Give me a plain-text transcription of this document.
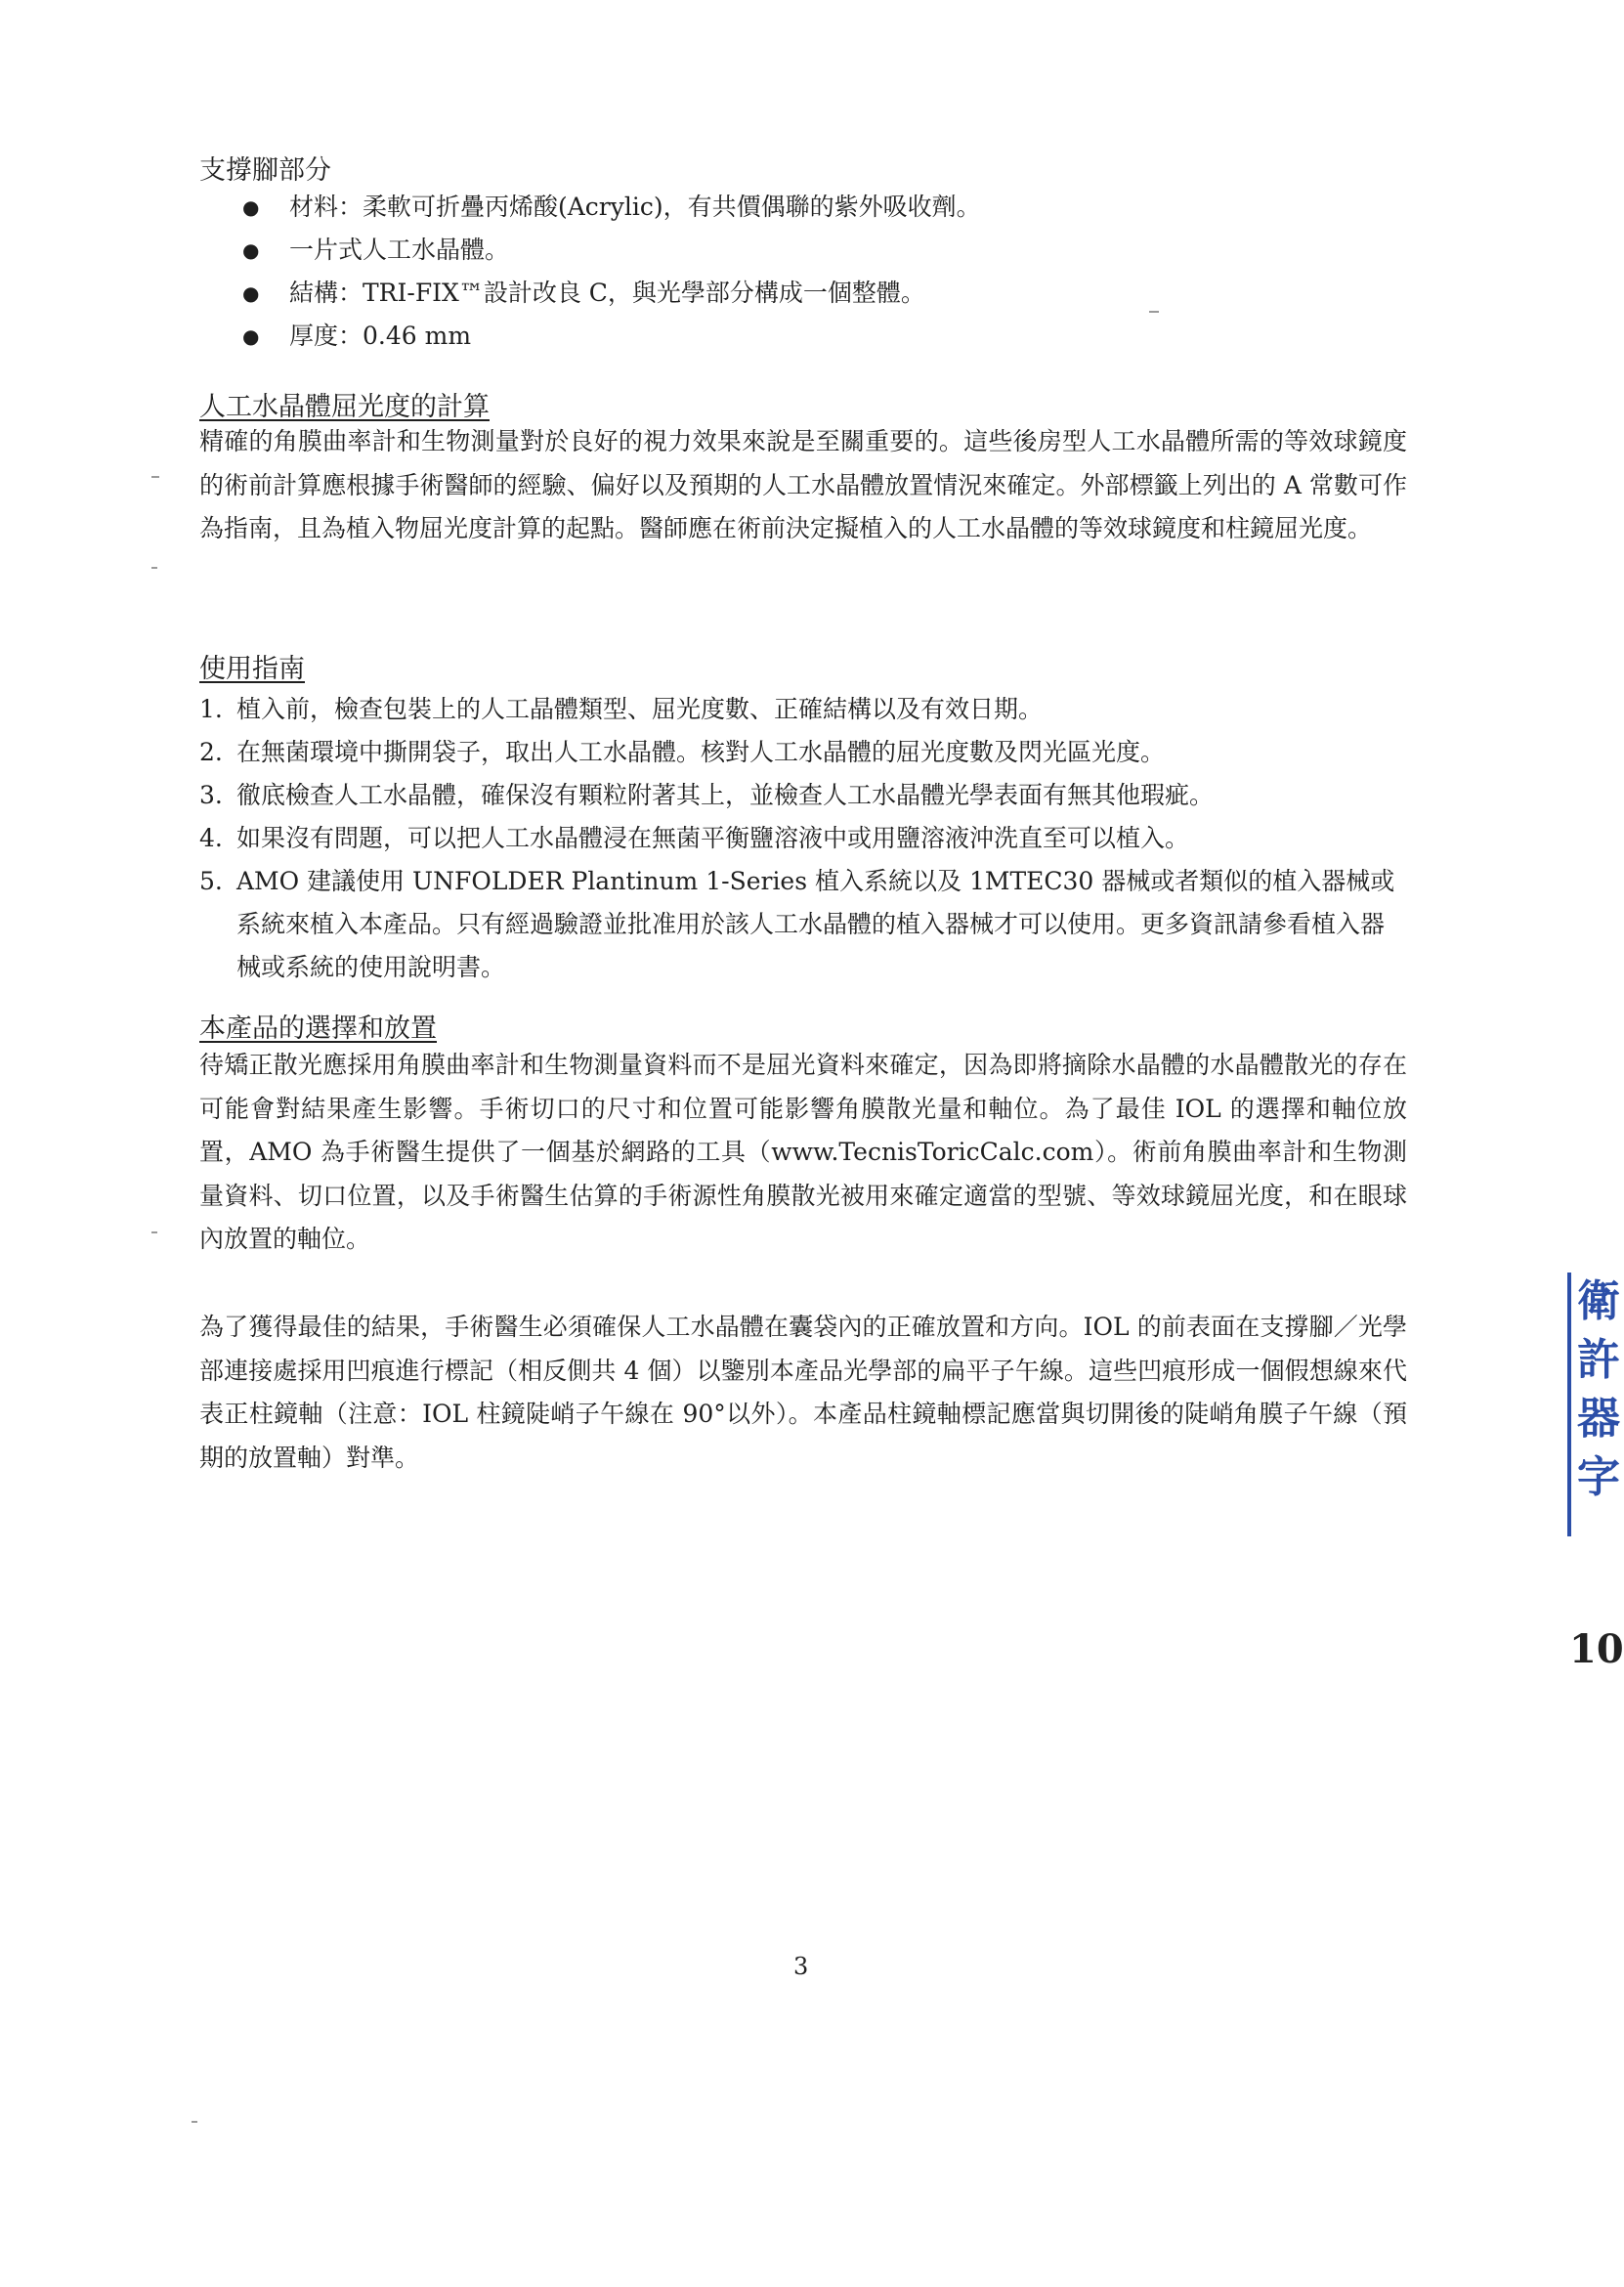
支撐腳部分
●	材料：柔軟可折疊丙烯酸(Acrylic)，有共價偶聯的紫外吸收劑。
●	一片式人工水晶體。
●	結構：TRI-FIX™設計改良 C，與光學部分構成一個整體。
●	厚度：0.46 mm
人工水晶體屈光度的計算

精確的角膜曲率計和生物測量對於良好的視力效果來說是至關重要的。這些後房型人工水晶體所需的等效球鏡度的術前計算應根據手術醫師的經驗、偏好以及預期的人工水晶體放置情況來確定。外部標籤上列出的 A 常數可作為指南，且為植入物屈光度計算的起點。醫師應在術前決定擬植入的人工水晶體的等效球鏡度和柱鏡屈光度。

使用指南
1. 植入前，檢查包裝上的人工晶體類型、屈光度數、正確結構以及有效日期。
2. 在無菌環境中撕開袋子，取出人工水晶體。核對人工水晶體的屈光度數及閃光區光度。
3. 徹底檢查人工水晶體，確保沒有顆粒附著其上，並檢查人工水晶體光學表面有無其他瑕疵。
4. 如果沒有問題，可以把人工水晶體浸在無菌平衡鹽溶液中或用鹽溶液沖洗直至可以植入。
5. AMO 建議使用 UNFOLDER Plantinum 1-Series 植入系統以及 1MTEC30 器械或者類似的植入器械或系統來植入本產品。只有經過驗證並批准用於該人工水晶體的植入器械才可以使用。更多資訊請參看植入器械或系統的使用說明書。
本產品的選擇和放置

待矯正散光應採用角膜曲率計和生物測量資料而不是屈光資料來確定，因為即將摘除水晶體的水晶體散光的存在可能會對結果產生影響。手術切口的尺寸和位置可能影響角膜散光量和軸位。為了最佳 IOL 的選擇和軸位放置，AMO 為手術醫生提供了一個基於網路的工具（www.TecnisToricCalc.com）。術前角膜曲率計和生物測量資料、切口位置，以及手術醫生估算的手術源性角膜散光被用來確定適當的型號、等效球鏡屈光度，和在眼球內放置的軸位。

為了獲得最佳的結果，手術醫生必須確保人工水晶體在囊袋內的正確放置和方向。IOL 的前表面在支撐腳／光學部連接處採用凹痕進行標記（相反側共 4 個）以鑒別本產品光學部的扁平子午線。這些凹痕形成一個假想線來代表正柱鏡軸（注意：IOL 柱鏡陡峭子午線在 90°以外）。本產品柱鏡軸標記應當與切開後的陡峭角膜子午線（預期的放置軸）對準。

3
衛
許
器
字
10
